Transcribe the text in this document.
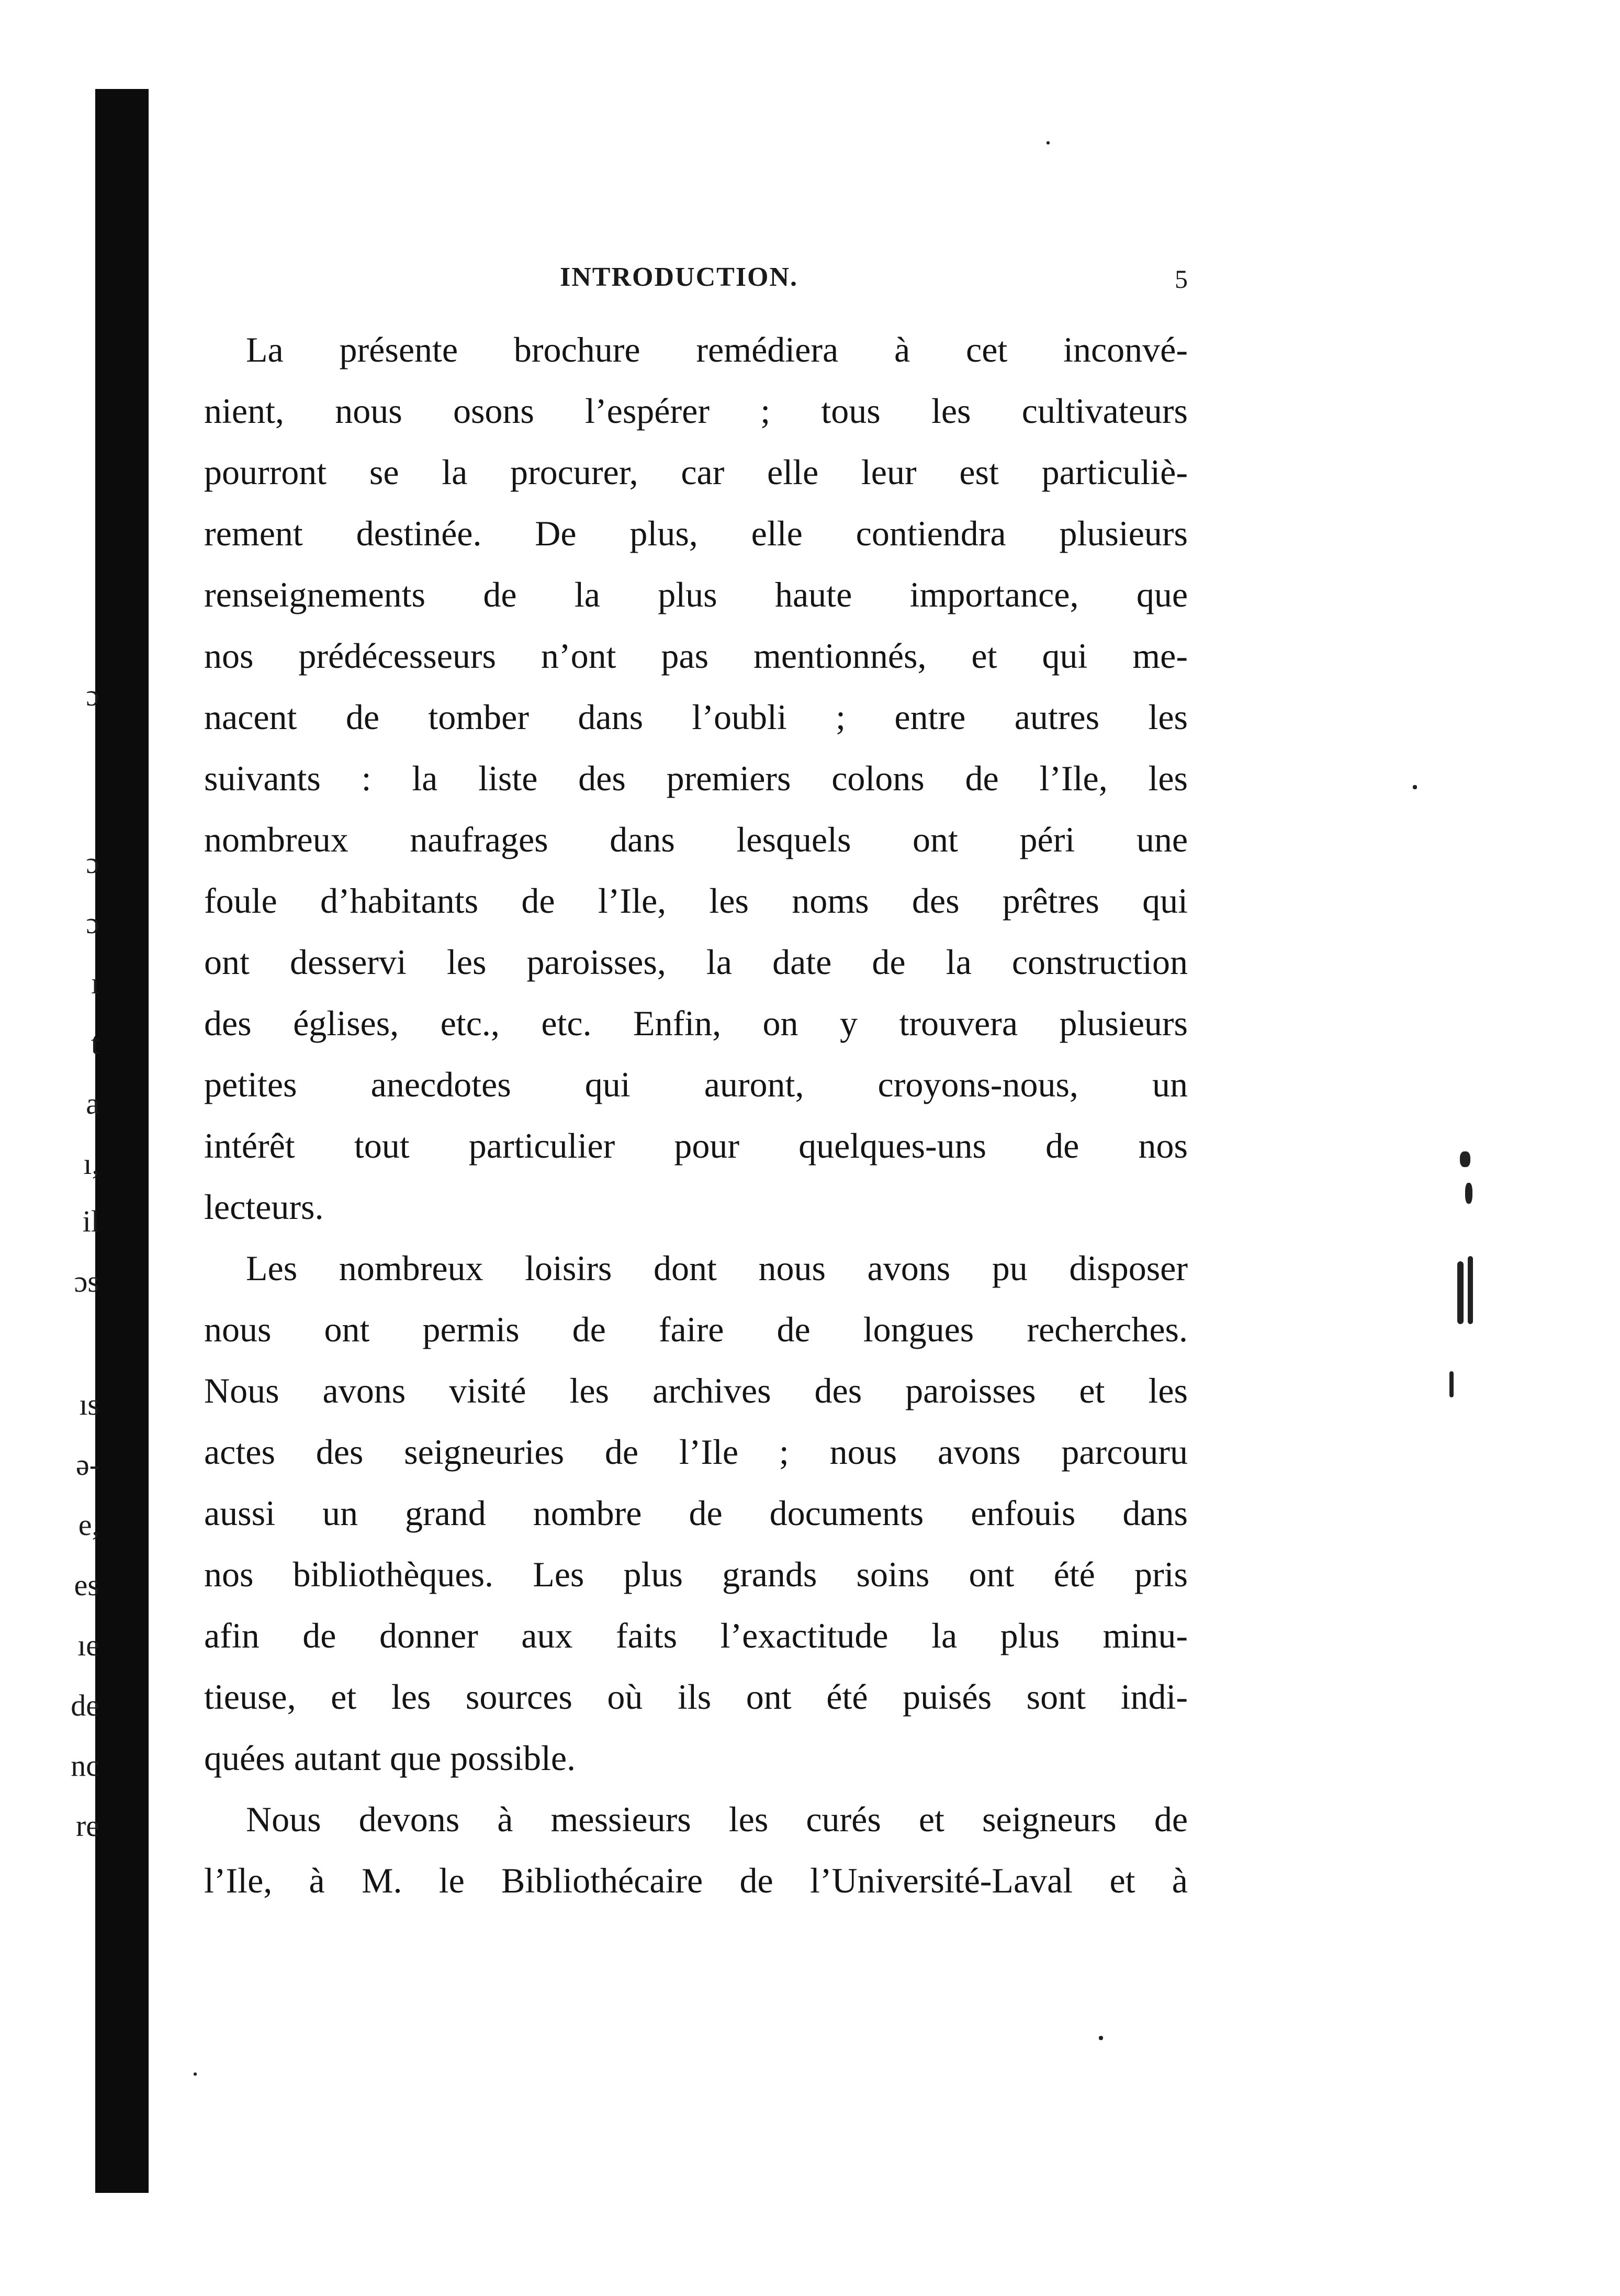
ɔ
ɔ
ɔ
ı
t
a
ı,
il
ɔs
ıs
ə-
e,
es
ıe
de
nc
re
INTRODUCTION.	5

La présente brochure remédiera à cet inconvé-
nient, nous osons l’espérer ; tous les cultivateurs
pourront se la procurer, car elle leur est particuliè-
rement destinée. De plus, elle contiendra plusieurs
renseignements de la plus haute importance, que
nos prédécesseurs n’ont pas mentionnés, et qui me-
nacent de tomber dans l’oubli ; entre autres les
suivants : la liste des premiers colons de l’Ile, les
nombreux naufrages dans lesquels ont péri une
foule d’habitants de l’Ile, les noms des prêtres qui
ont desservi les paroisses, la date de la construction
des églises, etc., etc. Enfin, on y trouvera plusieurs
petites anecdotes qui auront, croyons-nous, un
intérêt tout particulier pour quelques-uns de nos
lecteurs.

Les nombreux loisirs dont nous avons pu disposer
nous ont permis de faire de longues recherches.
Nous avons visité les archives des paroisses et les
actes des seigneuries de l’Ile ; nous avons parcouru
aussi un grand nombre de documents enfouis dans
nos bibliothèques. Les plus grands soins ont été pris
afin de donner aux faits l’exactitude la plus minu-
tieuse, et les sources où ils ont été puisés sont indi-
quées autant que possible.

Nous devons à messieurs les curés et seigneurs de
l’Ile, à M. le Bibliothécaire de l’Université-Laval et à
